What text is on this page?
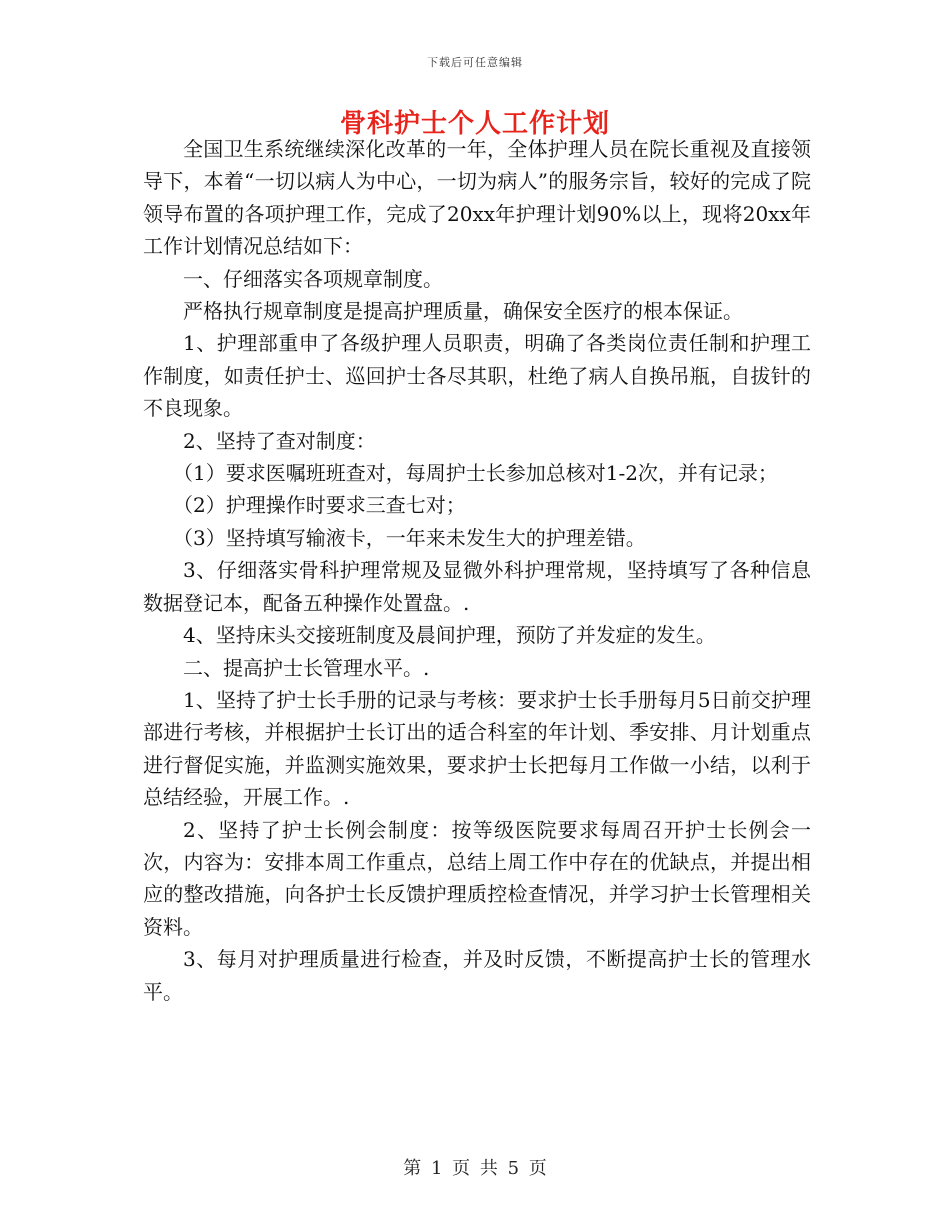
下载后可任意编辑
骨科护士个人工作计划

全国卫生系统继续深化改革的一年，全体护理人员在院长重视及直接领导下，本着“一切以病人为中心，一切为病人”的服务宗旨，较好的完成了院领导布置的各项护理工作，完成了20xx年护理计划90%以上，现将20xx年工作计划情况总结如下：

一、仔细落实各项规章制度。

严格执行规章制度是提高护理质量，确保安全医疗的根本保证。

1、护理部重申了各级护理人员职责，明确了各类岗位责任制和护理工作制度，如责任护士、巡回护士各尽其职，杜绝了病人自换吊瓶，自拔针的不良现象。

2、坚持了查对制度：

（1）要求医嘱班班查对，每周护士长参加总核对1-2次，并有记录；

（2）护理操作时要求三查七对；

（3）坚持填写输液卡，一年来未发生大的护理差错。

3、仔细落实骨科护理常规及显微外科护理常规，坚持填写了各种信息数据登记本，配备五种操作处置盘。.

4、坚持床头交接班制度及晨间护理，预防了并发症的发生。

二、提高护士长管理水平。.

1、坚持了护士长手册的记录与考核：要求护士长手册每月5日前交护理部进行考核，并根据护士长订出的适合科室的年计划、季安排、月计划重点进行督促实施，并监测实施效果，要求护士长把每月工作做一小结，以利于总结经验，开展工作。.

2、坚持了护士长例会制度：按等级医院要求每周召开护士长例会一次，内容为：安排本周工作重点，总结上周工作中存在的优缺点，并提出相应的整改措施，向各护士长反馈护理质控检查情况，并学习护士长管理相关资料。

3、每月对护理质量进行检查，并及时反馈，不断提高护士长的管理水平。

第 1 页 共 5 页
